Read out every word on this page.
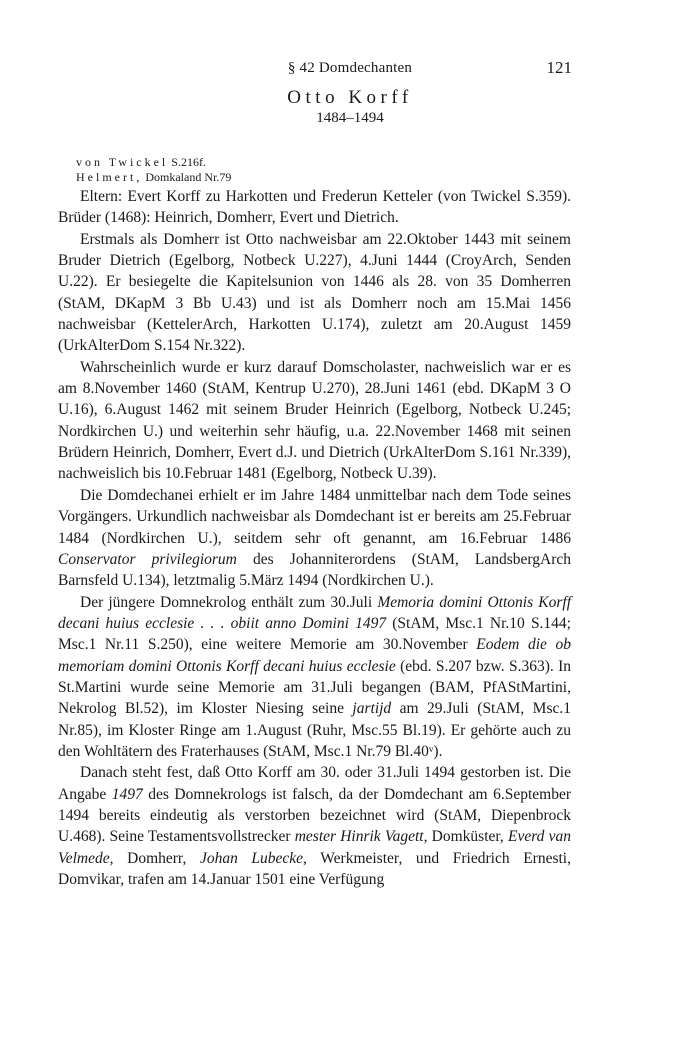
§ 42 Domdechanten	121
Otto Korff
1484–1494
von Twickel S.216f.
Helmert, Domkaland Nr.79

Eltern: Evert Korff zu Harkotten und Frederun Ketteler (von Twickel S.359). Brüder (1468): Heinrich, Domherr, Evert und Dietrich.

Erstmals als Domherr ist Otto nachweisbar am 22.Oktober 1443 mit seinem Bruder Dietrich (Egelborg, Notbeck U.227), 4.Juni 1444 (CroyArch, Senden U.22). Er besiegelte die Kapitelsunion von 1446 als 28. von 35 Domherren (StAM, DKapM 3 Bb U.43) und ist als Domherr noch am 15.Mai 1456 nachweisbar (KettelerArch, Harkotten U.174), zuletzt am 20.August 1459 (UrkAlterDom S.154 Nr.322).

Wahrscheinlich wurde er kurz darauf Domscholaster, nachweislich war er es am 8.November 1460 (StAM, Kentrup U.270), 28.Juni 1461 (ebd. DKapM 3 O U.16), 6.August 1462 mit seinem Bruder Heinrich (Egelborg, Notbeck U.245; Nordkirchen U.) und weiterhin sehr häufig, u.a. 22.November 1468 mit seinen Brüdern Heinrich, Domherr, Evert d.J. und Dietrich (UrkAlterDom S.161 Nr.339), nachweislich bis 10.Februar 1481 (Egelborg, Notbeck U.39).

Die Domdechanei erhielt er im Jahre 1484 unmittelbar nach dem Tode seines Vorgängers. Urkundlich nachweisbar als Domdechant ist er bereits am 25.Februar 1484 (Nordkirchen U.), seitdem sehr oft genannt, am 16.Februar 1486 Conservator privilegiorum des Johanniterordens (StAM, LandsbergArch Barnsfeld U.134), letztmalig 5.März 1494 (Nordkirchen U.).

Der jüngere Domnekrolog enthält zum 30.Juli Memoria domini Ottonis Korff decani huius ecclesie . . . obiit anno Domini 1497 (StAM, Msc.1 Nr.10 S.144; Msc.1 Nr.11 S.250), eine weitere Memorie am 30.November Eodem die ob memoriam domini Ottonis Korff decani huius ecclesie (ebd. S.207 bzw. S.363). In St.Martini wurde seine Memorie am 31.Juli begangen (BAM, PfAStMartini, Nekrolog Bl.52), im Kloster Niesing seine jartijd am 29.Juli (StAM, Msc.1 Nr.85), im Kloster Ringe am 1.August (Ruhr, Msc.55 Bl.19). Er gehörte auch zu den Wohltätern des Fraterhauses (StAM, Msc.1 Nr.79 Bl.40ᵛ).

Danach steht fest, daß Otto Korff am 30. oder 31.Juli 1494 gestorben ist. Die Angabe 1497 des Domnekrologs ist falsch, da der Domdechant am 6.September 1494 bereits eindeutig als verstorben bezeichnet wird (StAM, Diepenbrock U.468). Seine Testamentsvollstrecker mester Hinrik Vagett, Domküster, Everd van Velmede, Domherr, Johan Lubecke, Werkmeister, und Friedrich Ernesti, Domvikar, trafen am 14.Januar 1501 eine Verfügung
